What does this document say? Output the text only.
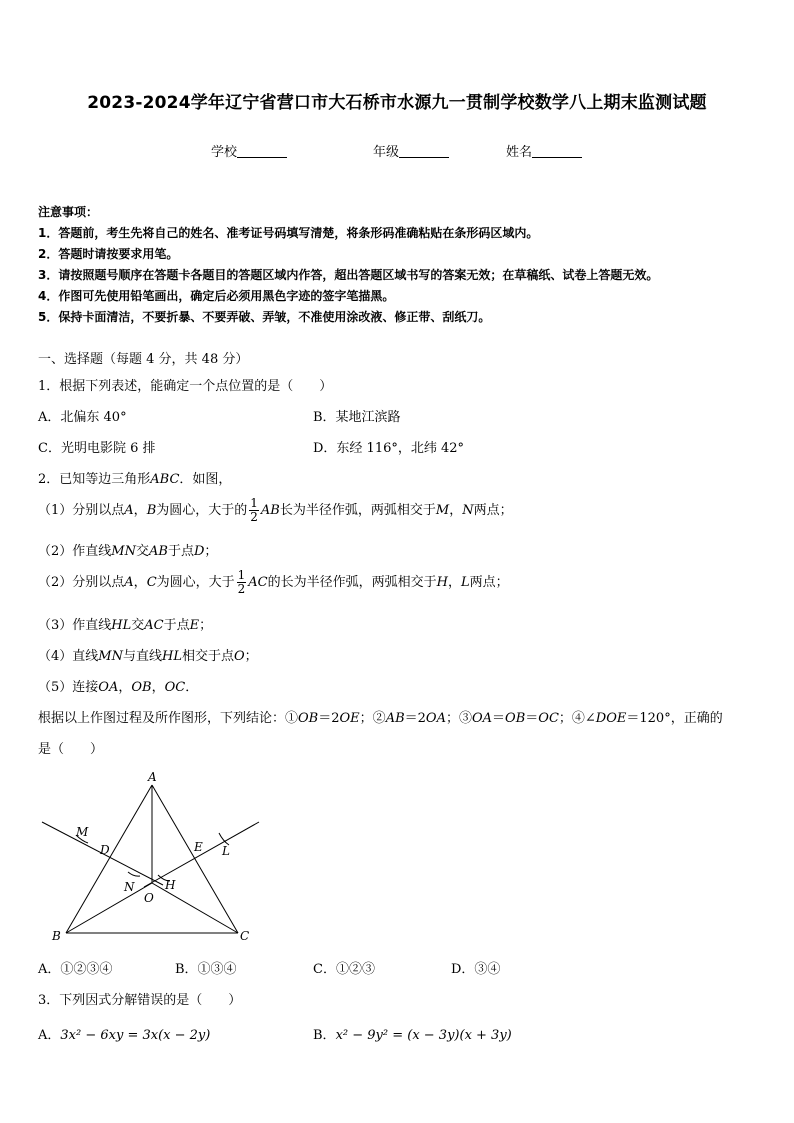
2023-2024学年辽宁省营口市大石桥市水源九一贯制学校数学八上期末监测试题
学校	年级	姓名
注意事项：
1．答题前，考生先将自己的姓名、准考证号码填写清楚，将条形码准确粘贴在条形码区域内。
2．答题时请按要求用笔。
3．请按照题号顺序在答题卡各题目的答题区域内作答，超出答题区域书写的答案无效；在草稿纸、试卷上答题无效。
4．作图可先使用铅笔画出，确定后必须用黑色字迹的签字笔描黑。
5．保持卡面清洁，不要折暴、不要弄破、弄皱，不准使用涂改液、修正带、刮纸刀。
一、选择题（每题 4 分，共 48 分）
1．根据下列表述，能确定一个点位置的是（　　）
A．北偏东 40°	B．某地江滨路
C．光明电影院 6 排	D．东经 116°，北纬 42°
2．已知等边三角形ABC．如图，
（1）分别以点A，B为圆心，大于的 $\frac{1}{2}$ AB长为半径作弧，两弧相交于M，N两点；
（2）作直线MN交AB于点D；
（2）分别以点A，C为圆心，大于 $\frac{1}{2}$ AC的长为半径作弧，两弧相交于H，L两点；
（3）作直线HL交AC于点E；
（4）直线MN与直线HL相交于点O；
（5）连接OA，OB，OC．
根据以上作图过程及所作图形，下列结论：①OB＝2OE；②AB＝2OA；③OA＝OB＝OC；④∠DOE＝120°，正确的
是（　　）
A
B	C
D	E
M
N	H
L
O
A．①②③④	B．①③④	C．①②③	D．③④
3．下列因式分解错误的是（　　）
A．3x² − 6xy = 3x(x − 2y)	B．x² − 9y² = (x − 3y)(x + 3y)
